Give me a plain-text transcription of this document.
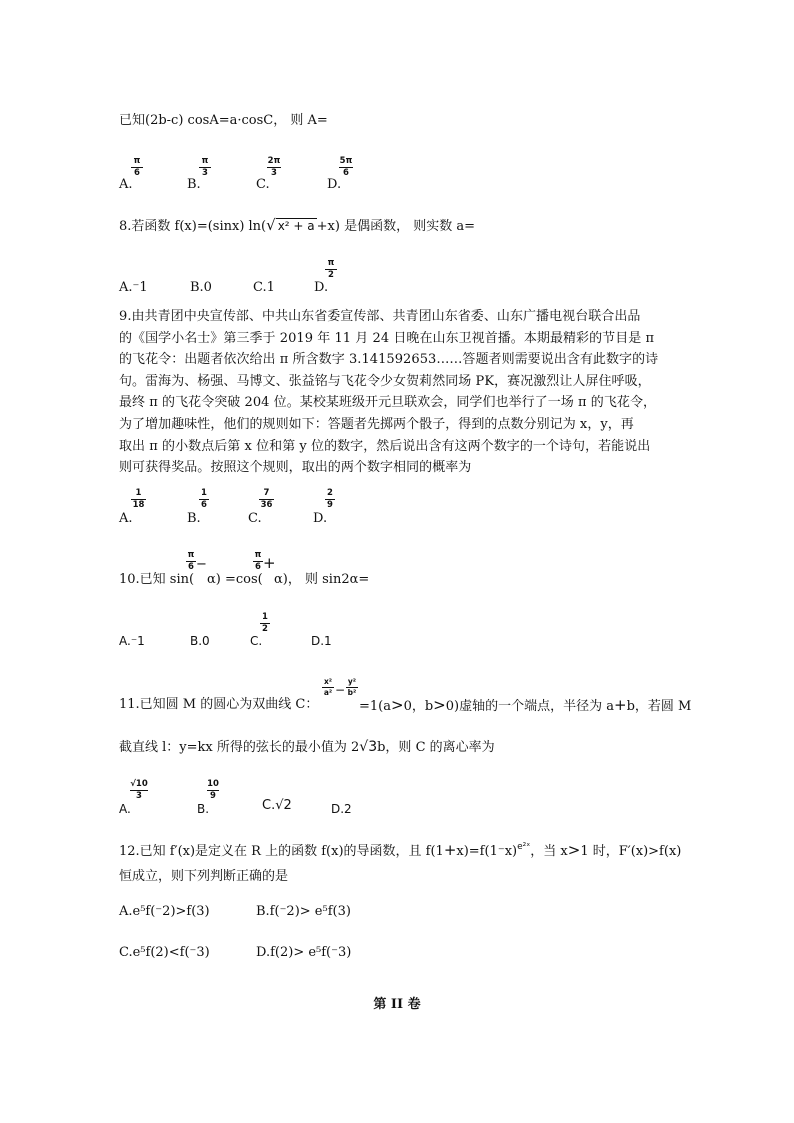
已知(2b-c) cosA=a·cosC， 则 A=
A.
π
6
B.
π
3
C.
2π
3
D.
5π
6
8.若函数 f(x)=(sinx) ln(√ x² + a +x) 是偶函数， 则实数 a=
A.⁻1	B.0	C.1	D.
π
2
9.由共青团中央宣传部、中共山东省委宣传部、共青团山东省委、山东广播电视台联合出品
的《国学小名士》第三季于 2019 年 11 月 24 日晚在山东卫视首播。本期最精彩的节目是 π
的飞花令：出题者依次给出 π 所含数字 3.141592653……答题者则需要说出含有此数字的诗
句。雷海为、杨强、马博文、张益铭与飞花令少女贺莉然同场 PK，赛况激烈让人屏住呼吸，
最终 π 的飞花令突破 204 位。某校某班级开元旦联欢会，同学们也举行了一场 π 的飞花令，
为了增加趣味性，他们的规则如下：答题者先掷两个骰子，得到的点数分别记为 x，y，再
取出 π 的小数点后第 x 位和第 y 位的数字，然后说出含有这两个数字的一个诗句，若能说出
则可获得奖品。按照这个规则，取出的两个数字相同的概率为
A.
1
18
B.
1
6
C.
7
36
D.
2
9
10.已知 sin(
π
6 −
α) =cos(
π
6 +
α)， 则 sin2α=
A.⁻1	B.0	C.
1
2
D.1
11.已知圆 M 的圆心为双曲线 C：
x²
a² −
y²
b²
=1(a>0，b>0)虚轴的一个端点，半径为 a+b，若圆 M
截直线 l：y=kx 所得的弦长的最小值为 2√3b，则 C 的离心率为
A.
√10
3
B.
10
9
C.√2	D.2
12.已知 f′(x)是定义在 R 上的函数 f(x)的导函数，且 $f(1+x)=f(1^-x)^{e^2ˣ}$，当 x>1 时，F′(x)>f(x)
恒成立，则下列判断正确的是
A.e⁵f(⁻2)>f(3)	B.f(⁻2)> e⁵f(3)
C.e⁵f(2)<f(⁻3)	D.f(2)> e⁵f(⁻3)
第 II 卷
